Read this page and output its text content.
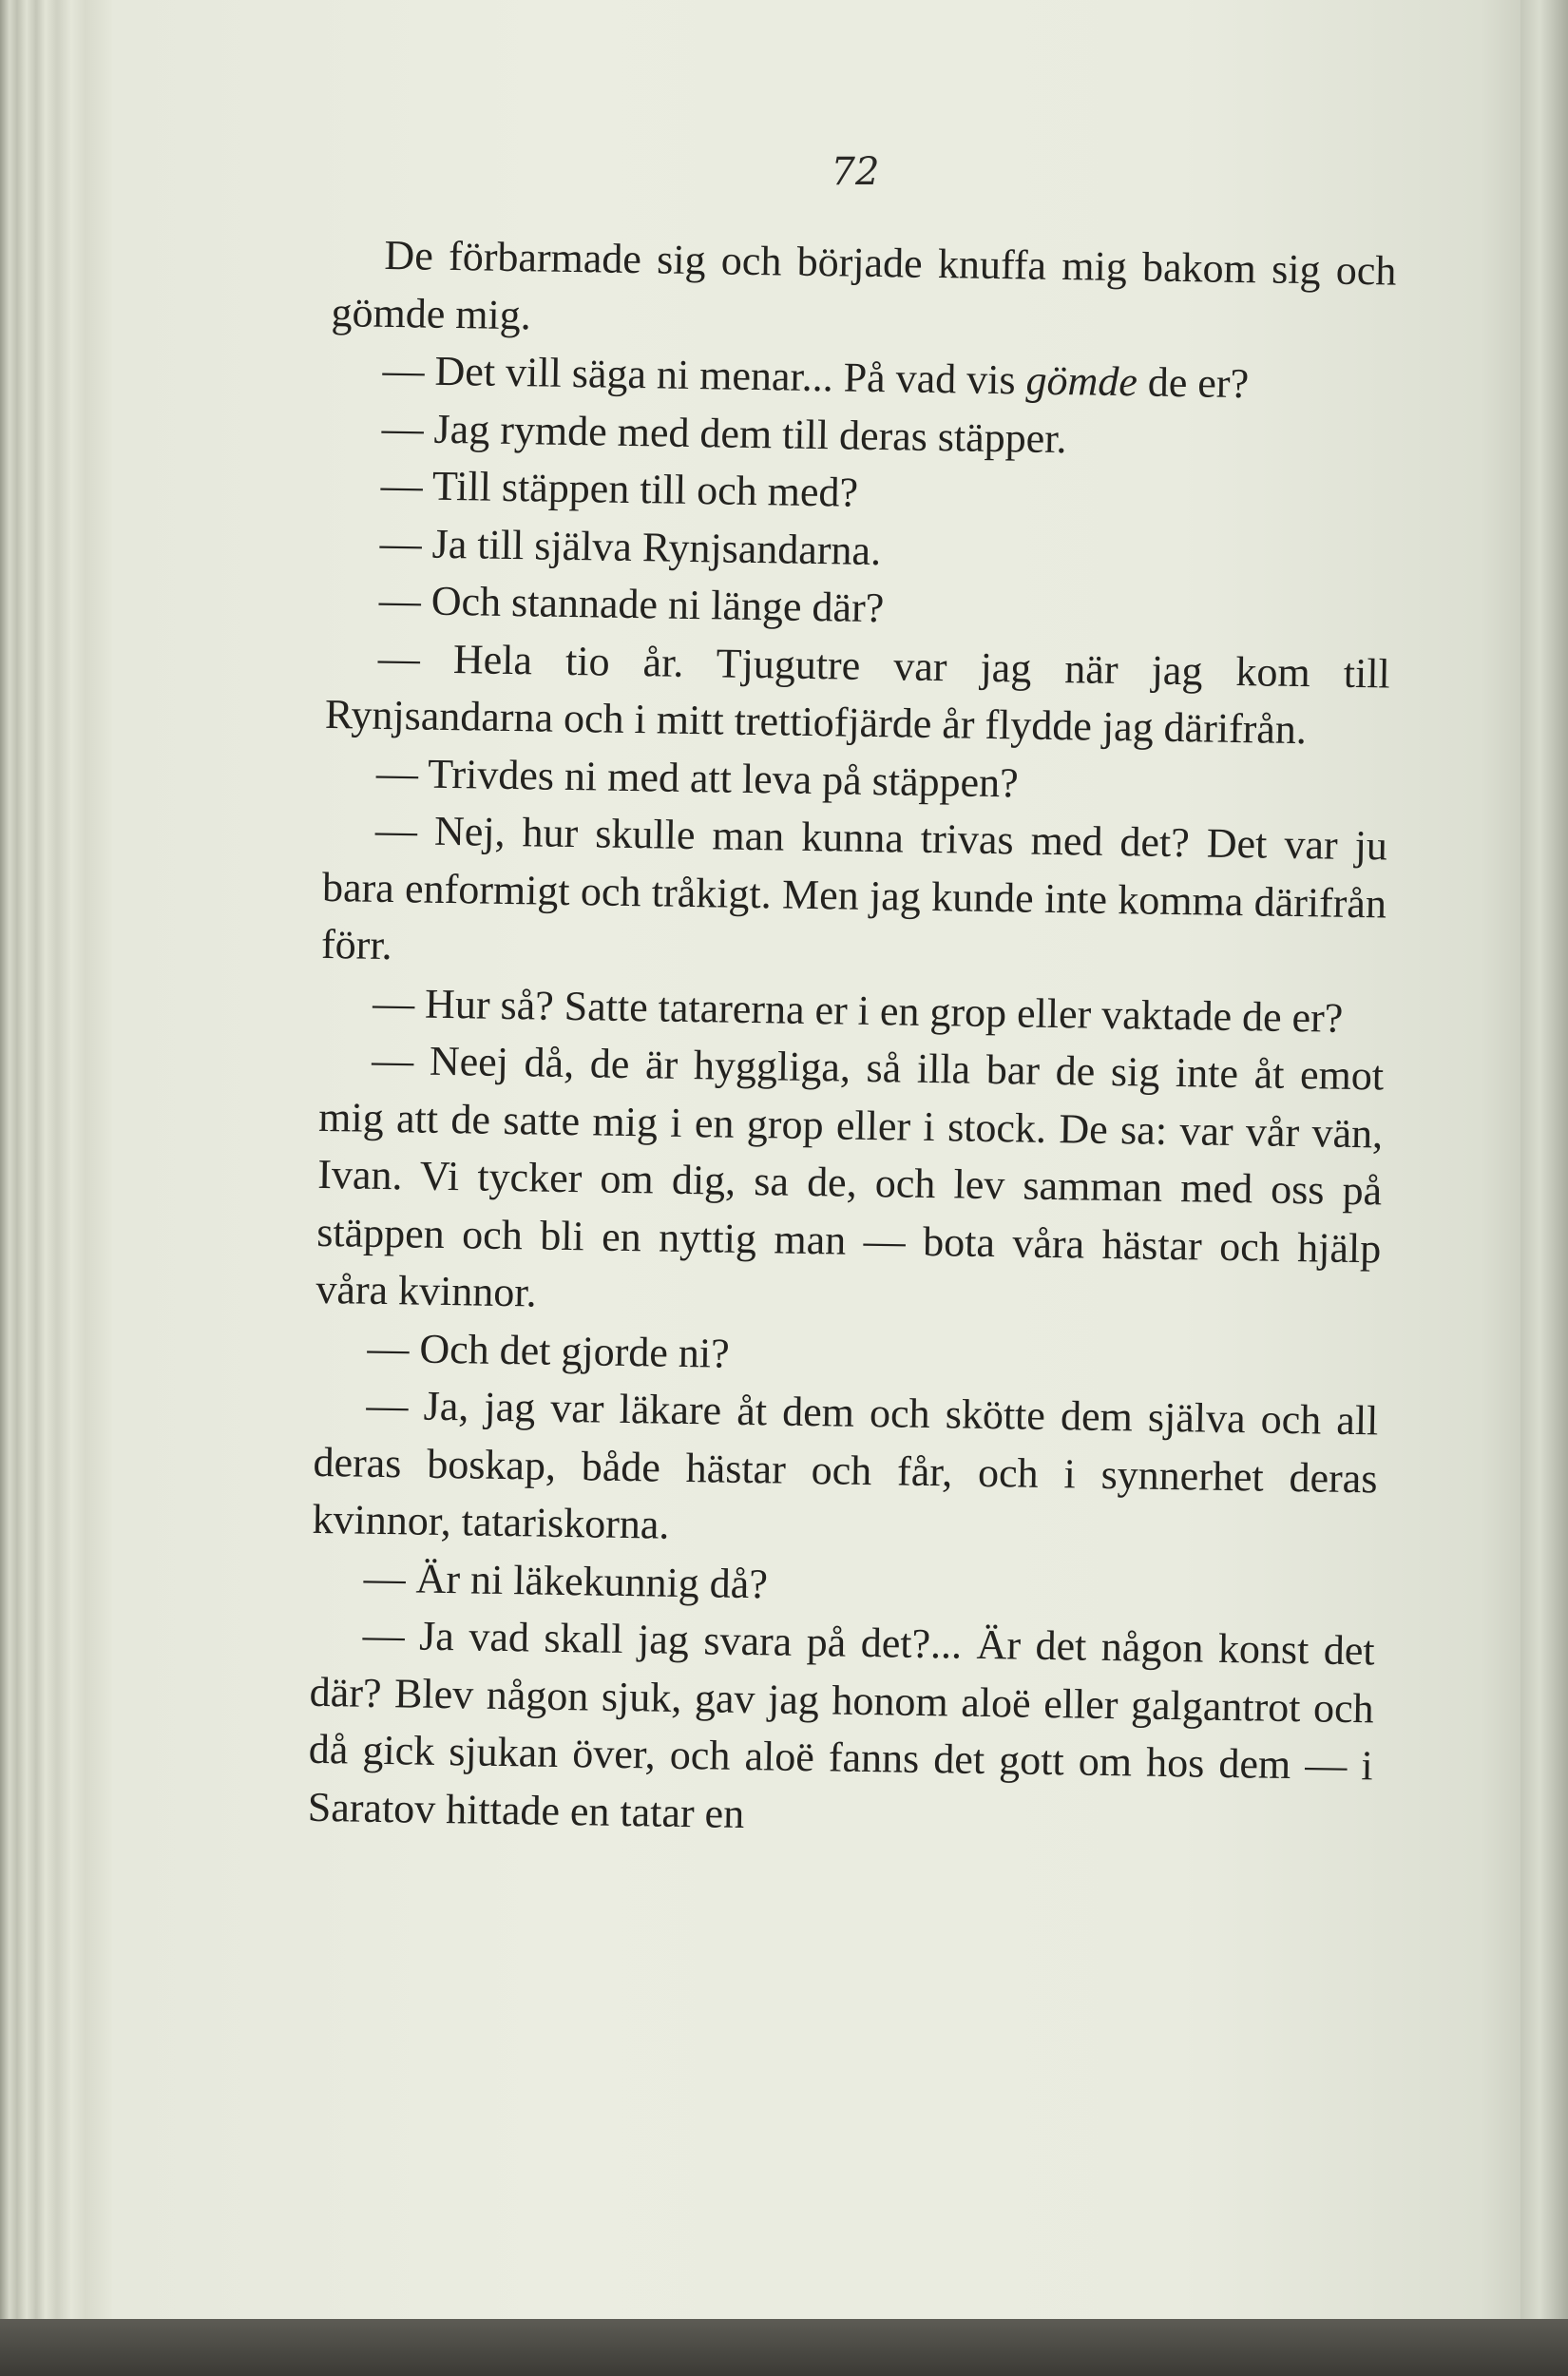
72

De förbarmade sig och började knuffa mig bakom sig och gömde mig.

— Det vill säga ni menar... På vad vis gömde de er?

— Jag rymde med dem till deras stäpper.

— Till stäppen till och med?

— Ja till själva Rynjsandarna.

— Och stannade ni länge där?

— Hela tio år. Tjugutre var jag när jag kom till Rynjsandarna och i mitt trettiofjärde år flydde jag därifrån.

— Trivdes ni med att leva på stäppen?

— Nej, hur skulle man kunna trivas med det? Det var ju bara enformigt och tråkigt. Men jag kunde inte komma därifrån förr.

— Hur så? Satte tatarerna er i en grop eller vaktade de er?

— Neej då, de är hyggliga, så illa bar de sig inte åt emot mig att de satte mig i en grop eller i stock. De sa: var vår vän, Ivan. Vi tycker om dig, sa de, och lev samman med oss på stäppen och bli en nyttig man — bota våra hästar och hjälp våra kvinnor.

— Och det gjorde ni?

— Ja, jag var läkare åt dem och skötte dem själva och all deras boskap, både hästar och får, och i synnerhet deras kvinnor, tatariskorna.

— Är ni läkekunnig då?

— Ja vad skall jag svara på det?... Är det någon konst det där? Blev någon sjuk, gav jag honom aloë eller galgantrot och då gick sjukan över, och aloë fanns det gott om hos dem — i Saratov hittade en tatar en
